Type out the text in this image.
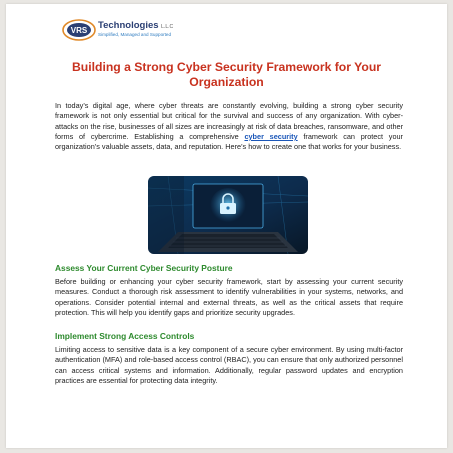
VRS Technologies L.L.C
Simplified, Managed and Supported
Building a Strong Cyber Security Framework for Your Organization

In today’s digital age, where cyber threats are constantly evolving, building a strong cyber security framework is not only essential but critical for the survival and success of any organization. With cyber-attacks on the rise, businesses of all sizes are increasingly at risk of data breaches, ransomware, and other forms of cybercrime. Establishing a comprehensive cyber security framework can protect your organization’s valuable assets, data, and reputation. Here’s how to create one that works for your business.

Assess Your Current Cyber Security Posture

Before building or enhancing your cyber security framework, start by assessing your current security measures. Conduct a thorough risk assessment to identify vulnerabilities in your systems, networks, and operations. Consider potential internal and external threats, as well as the critical assets that require protection. This will help you identify gaps and prioritize security upgrades.

Implement Strong Access Controls

Limiting access to sensitive data is a key component of a secure cyber environment. By using multi-factor authentication (MFA) and role-based access control (RBAC), you can ensure that only authorized personnel can access critical systems and information. Additionally, regular password updates and encryption practices are essential for protecting data integrity.
